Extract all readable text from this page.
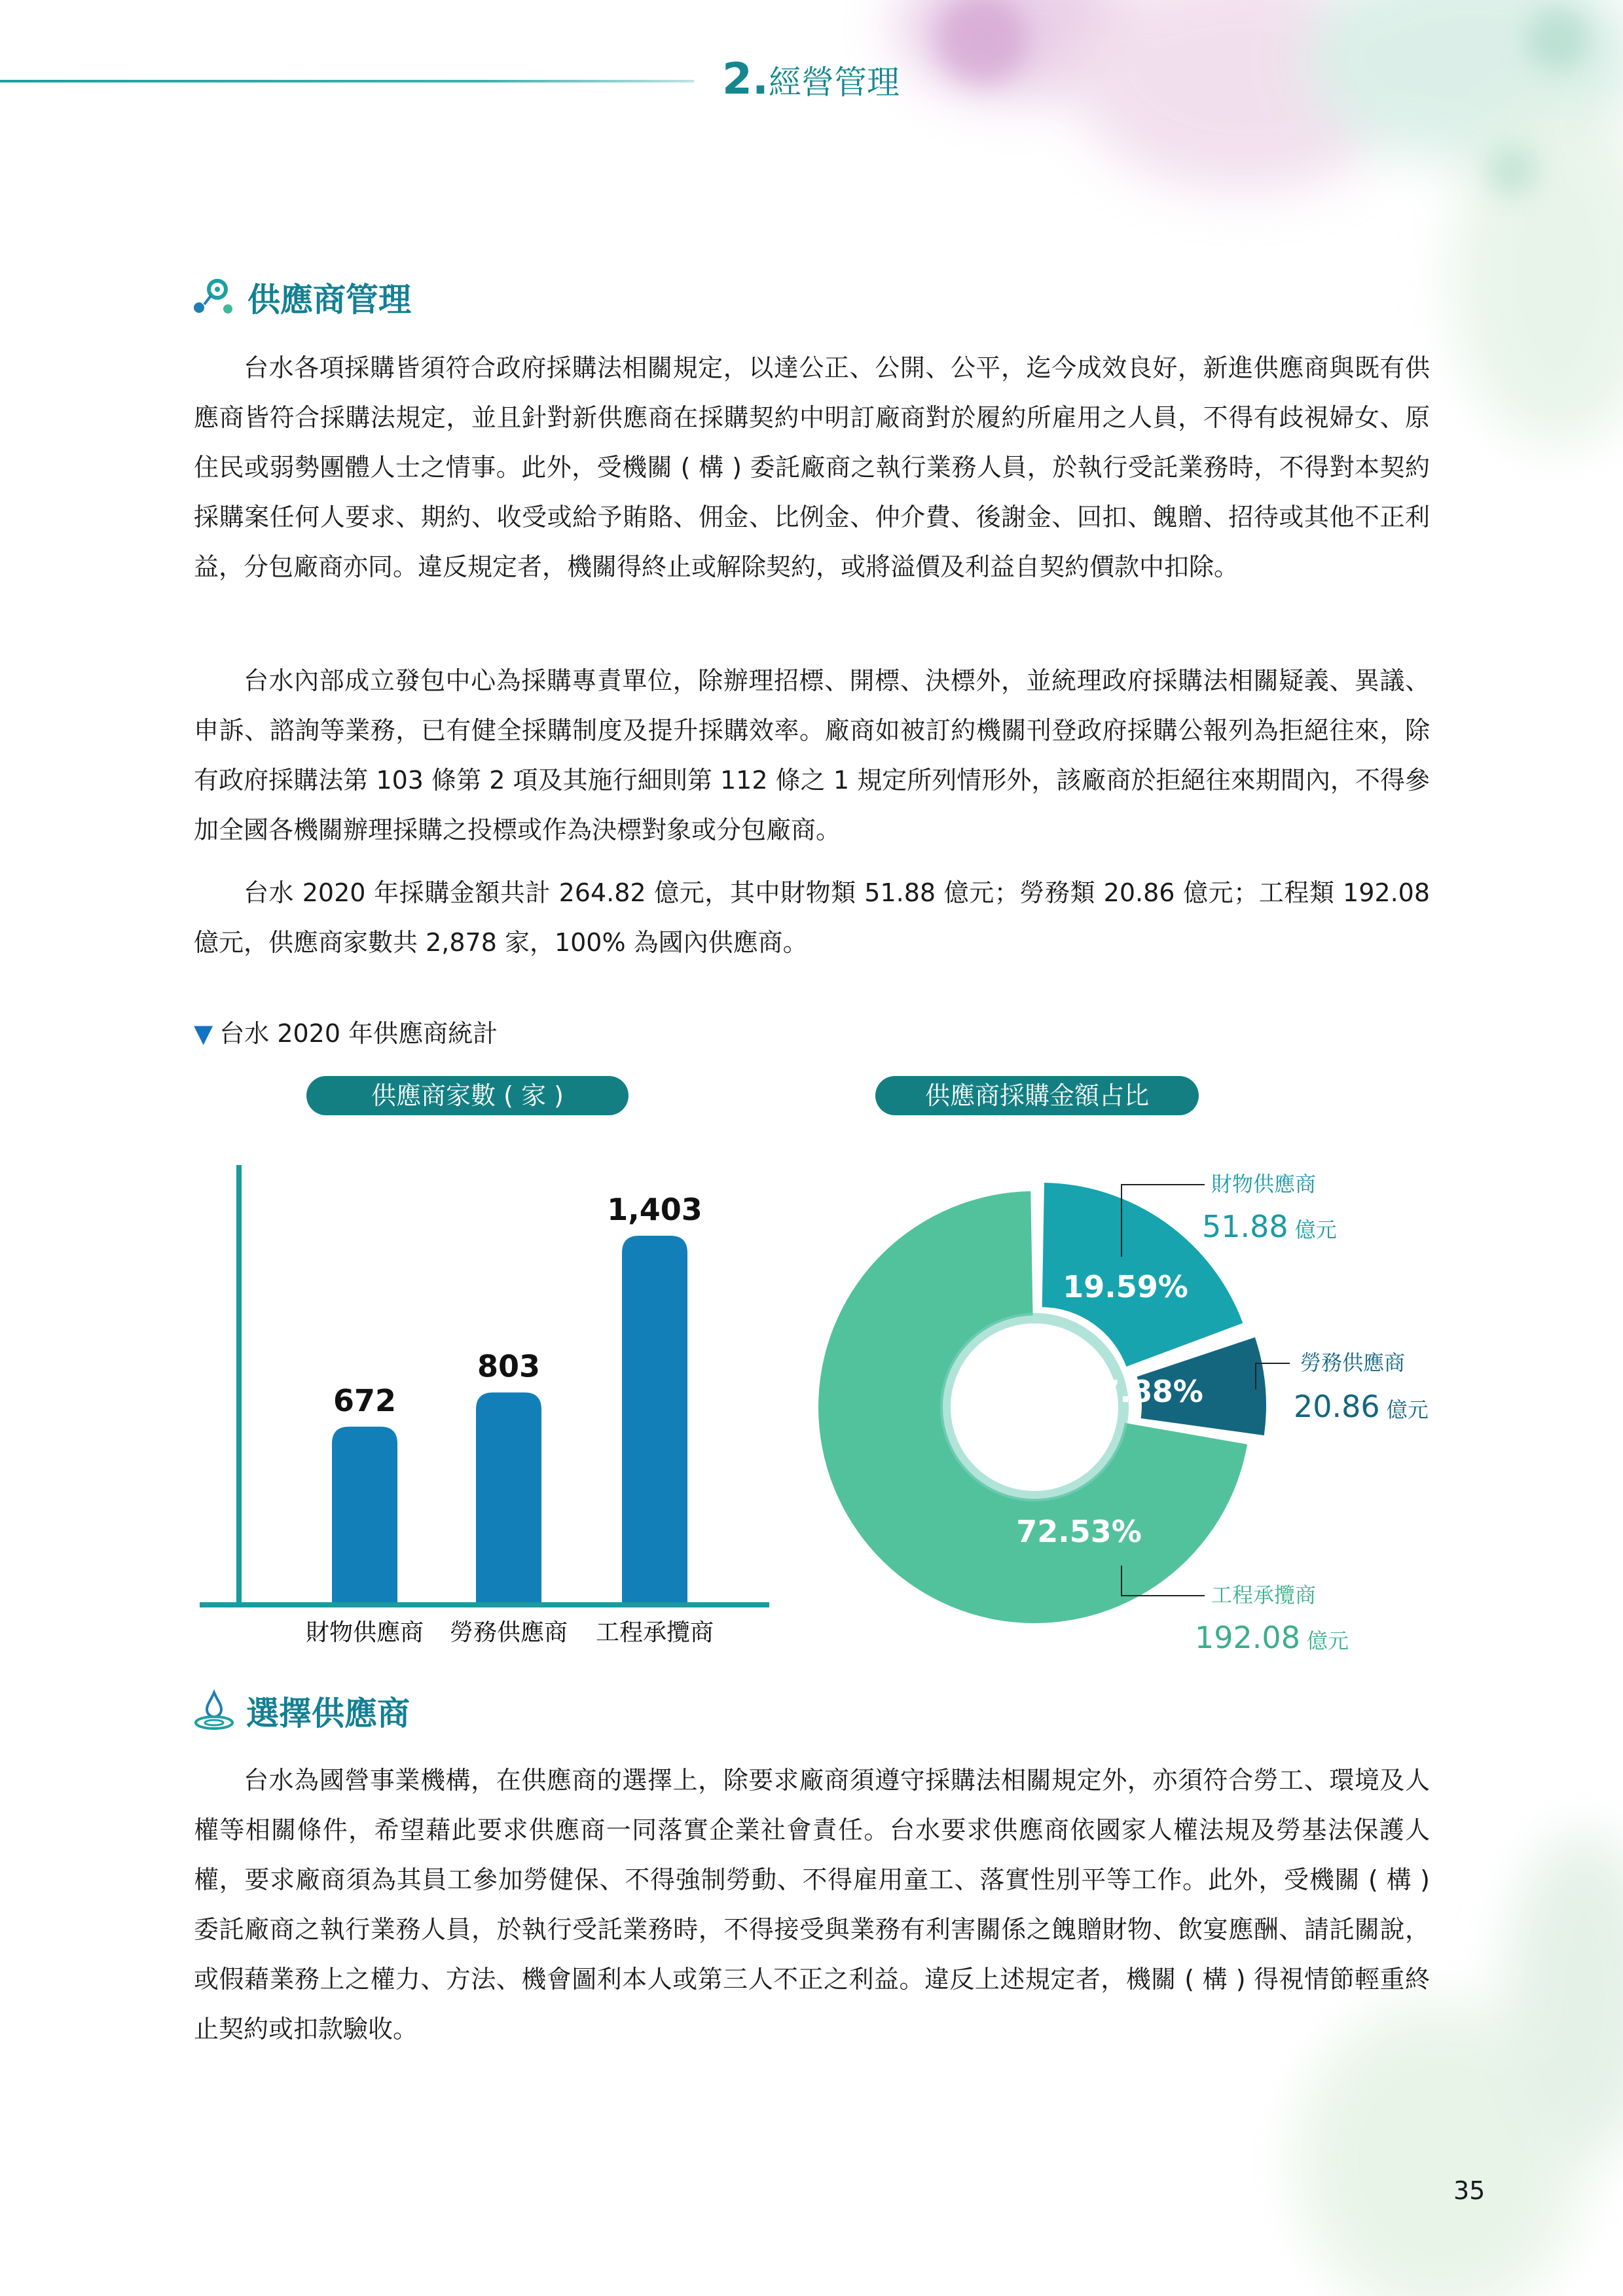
2.經營管理
供應商管理

台水各項採購皆須符合政府採購法相關規定，以達公正、公開、公平，迄今成效良好，新進供應商與既有供應商皆符合採購法規定，並且針對新供應商在採購契約中明訂廠商對於履約所雇用之人員，不得有歧視婦女、原住民或弱勢團體人士之情事。此外，受機關 ( 構 ) 委託廠商之執行業務人員，於執行受託業務時，不得對本契約採購案任何人要求、期約、收受或給予賄賂、佣金、比例金、仲介費、後謝金、回扣、餽贈、招待或其他不正利益，分包廠商亦同。違反規定者，機關得終止或解除契約，或將溢價及利益自契約價款中扣除。

台水內部成立發包中心為採購專責單位，除辦理招標、開標、決標外，並統理政府採購法相關疑義、異議、申訴、諮詢等業務，已有健全採購制度及提升採購效率。廠商如被訂約機關刊登政府採購公報列為拒絕往來，除有政府採購法第 103 條第 2 項及其施行細則第 112 條之 1 規定所列情形外，該廠商於拒絕往來期間內，不得參加全國各機關辦理採購之投標或作為決標對象或分包廠商。

台水 2020 年採購金額共計 264.82 億元，其中財物類 51.88 億元；勞務類 20.86 億元；工程類 192.08 億元，供應商家數共 2,878 家，100% 為國內供應商。

▼ 台水 2020 年供應商統計
供應商家數 ( 家 )	供應商採購金額占比
672
財物供應商
803
勞務供應商
1,403
工程承攬商
19.59%
7.88%
72.53%
財物供應商
51.88 億元
勞務供應商
20.86 億元
工程承攬商
192.08 億元
選擇供應商

台水為國營事業機構，在供應商的選擇上，除要求廠商須遵守採購法相關規定外，亦須符合勞工、環境及人權等相關條件，希望藉此要求供應商一同落實企業社會責任。台水要求供應商依國家人權法規及勞基法保護人權，要求廠商須為其員工參加勞健保、不得強制勞動、不得雇用童工、落實性別平等工作。此外，受機關 ( 構 ) 委託廠商之執行業務人員，於執行受託業務時，不得接受與業務有利害關係之餽贈財物、飲宴應酬、請託關說，或假藉業務上之權力、方法、機會圖利本人或第三人不正之利益。違反上述規定者，機關 ( 構 ) 得視情節輕重終止契約或扣款驗收。

35
